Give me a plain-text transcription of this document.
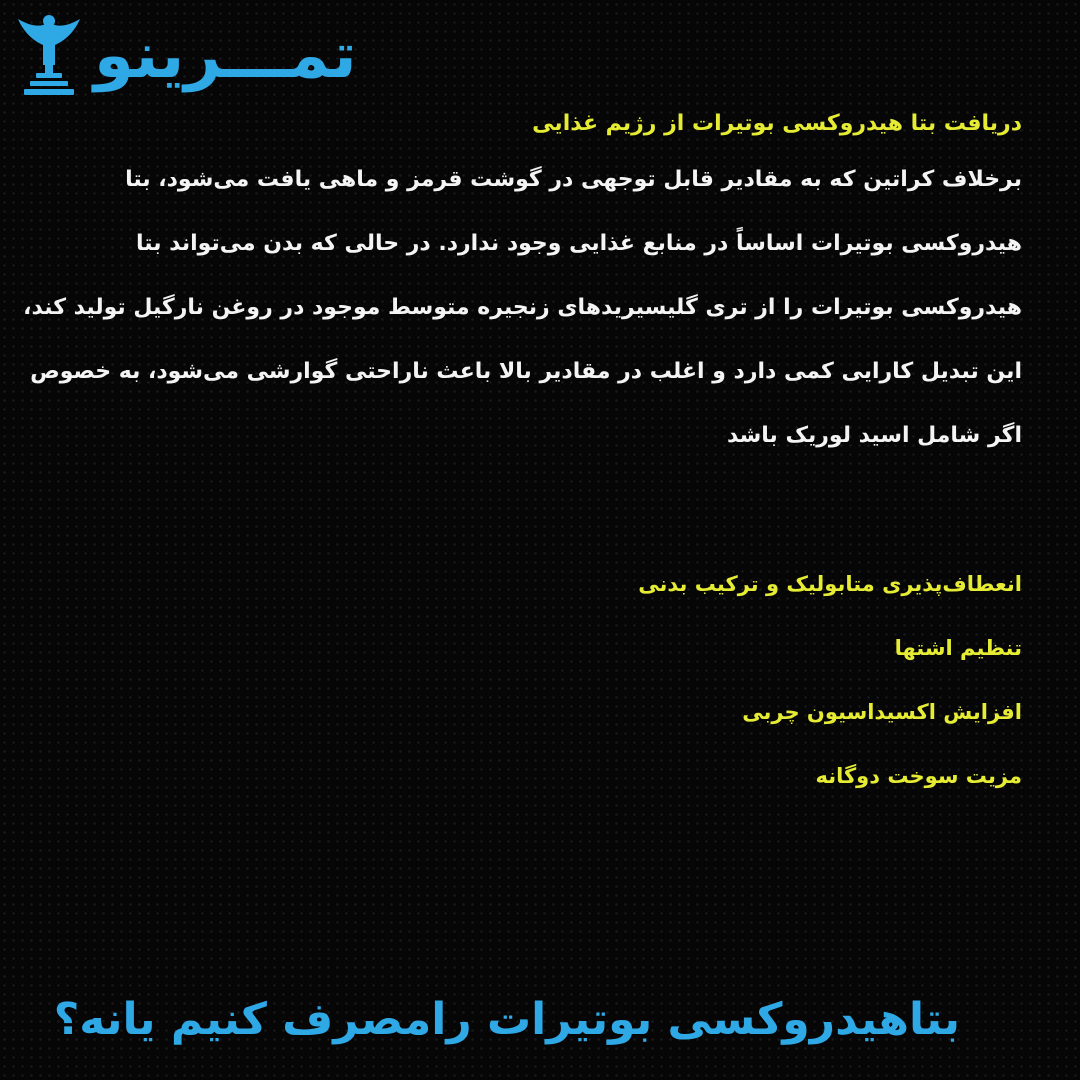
تمـــرینو
دریافت بتا هیدروکسی بوتیرات از رژیم غذایی

برخلاف کراتین که به مقادیر قابل توجهی در گوشت قرمز و ماهی یافت می‌شود، بتا
هیدروکسی بوتیرات اساساً در منابع غذایی وجود ندارد. در حالی که بدن می‌تواند بتا
هیدروکسی بوتیرات را از تری گلیسیریدهای زنجیره متوسط موجود در روغن نارگیل تولید کند،
این تبدیل کارایی کمی دارد و اغلب در مقادیر بالا باعث ناراحتی گوارشی می‌شود، به خصوص
اگر شامل اسید لوریک باشد

انعطاف‌پذیری متابولیک و ترکیب بدنی
تنظیم اشتها
افزایش اکسیداسیون چربی
مزیت سوخت دوگانه
بتاهیدروکسی بوتیرات رامصرف کنیم یانه؟
